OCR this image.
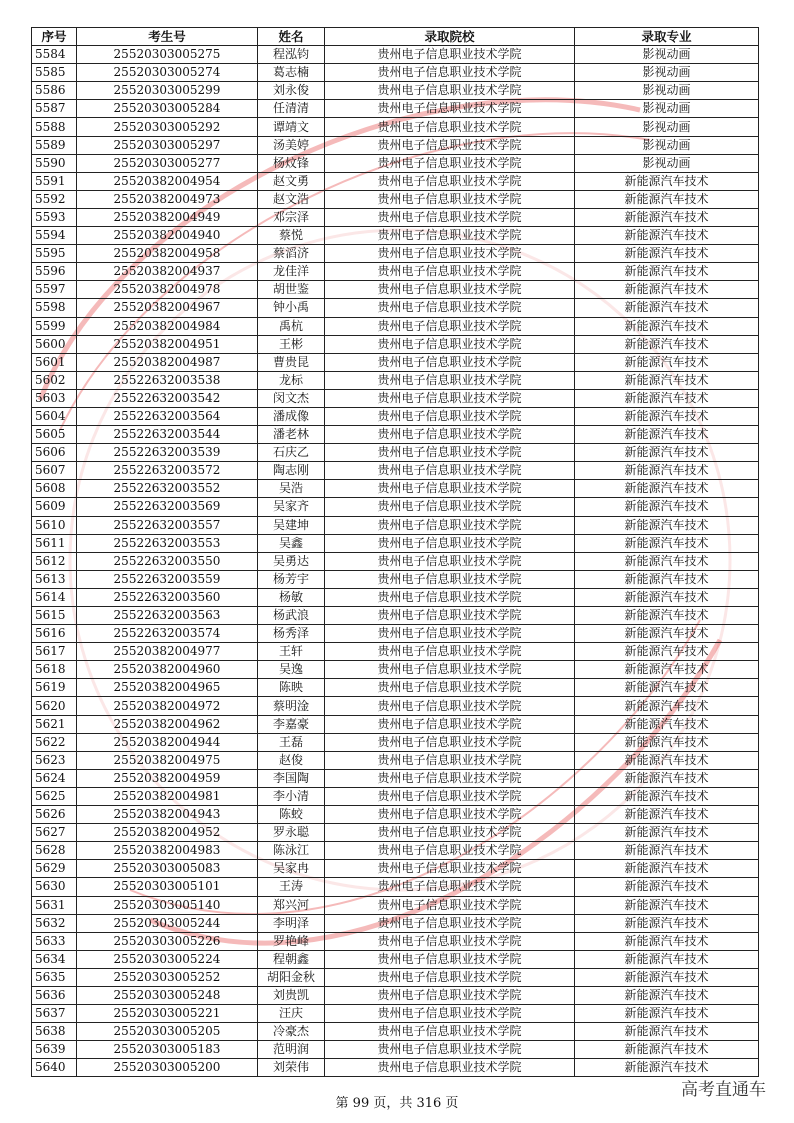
序号	考生号	姓名	录取院校	录取专业
5584	25520303005275	程泓钧	贵州电子信息职业技术学院	影视动画
5585	25520303005274	葛志楠	贵州电子信息职业技术学院	影视动画
5586	25520303005299	刘永俊	贵州电子信息职业技术学院	影视动画
5587	25520303005284	任清清	贵州电子信息职业技术学院	影视动画
5588	25520303005292	谭靖文	贵州电子信息职业技术学院	影视动画
5589	25520303005297	汤美婷	贵州电子信息职业技术学院	影视动画
5590	25520303005277	杨炆锋	贵州电子信息职业技术学院	影视动画
5591	25520382004954	赵文勇	贵州电子信息职业技术学院	新能源汽车技术
5592	25520382004973	赵文浩	贵州电子信息职业技术学院	新能源汽车技术
5593	25520382004949	邓宗泽	贵州电子信息职业技术学院	新能源汽车技术
5594	25520382004940	蔡悦	贵州电子信息职业技术学院	新能源汽车技术
5595	25520382004958	蔡滔济	贵州电子信息职业技术学院	新能源汽车技术
5596	25520382004937	龙佳洋	贵州电子信息职业技术学院	新能源汽车技术
5597	25520382004978	胡世鉴	贵州电子信息职业技术学院	新能源汽车技术
5598	25520382004967	钟小禹	贵州电子信息职业技术学院	新能源汽车技术
5599	25520382004984	禹杭	贵州电子信息职业技术学院	新能源汽车技术
5600	25520382004951	王彬	贵州电子信息职业技术学院	新能源汽车技术
5601	25520382004987	曹贵昆	贵州电子信息职业技术学院	新能源汽车技术
5602	25522632003538	龙标	贵州电子信息职业技术学院	新能源汽车技术
5603	25522632003542	闵文杰	贵州电子信息职业技术学院	新能源汽车技术
5604	25522632003564	潘成像	贵州电子信息职业技术学院	新能源汽车技术
5605	25522632003544	潘老林	贵州电子信息职业技术学院	新能源汽车技术
5606	25522632003539	石庆乙	贵州电子信息职业技术学院	新能源汽车技术
5607	25522632003572	陶志刚	贵州电子信息职业技术学院	新能源汽车技术
5608	25522632003552	吴浩	贵州电子信息职业技术学院	新能源汽车技术
5609	25522632003569	吴家齐	贵州电子信息职业技术学院	新能源汽车技术
5610	25522632003557	吴建坤	贵州电子信息职业技术学院	新能源汽车技术
5611	25522632003553	吴鑫	贵州电子信息职业技术学院	新能源汽车技术
5612	25522632003550	吴勇达	贵州电子信息职业技术学院	新能源汽车技术
5613	25522632003559	杨芳宇	贵州电子信息职业技术学院	新能源汽车技术
5614	25522632003560	杨敏	贵州电子信息职业技术学院	新能源汽车技术
5615	25522632003563	杨武浪	贵州电子信息职业技术学院	新能源汽车技术
5616	25522632003574	杨秀泽	贵州电子信息职业技术学院	新能源汽车技术
5617	25520382004977	王轩	贵州电子信息职业技术学院	新能源汽车技术
5618	25520382004960	吴逸	贵州电子信息职业技术学院	新能源汽车技术
5619	25520382004965	陈映	贵州电子信息职业技术学院	新能源汽车技术
5620	25520382004972	蔡明淦	贵州电子信息职业技术学院	新能源汽车技术
5621	25520382004962	李嘉豪	贵州电子信息职业技术学院	新能源汽车技术
5622	25520382004944	王磊	贵州电子信息职业技术学院	新能源汽车技术
5623	25520382004975	赵俊	贵州电子信息职业技术学院	新能源汽车技术
5624	25520382004959	李国陶	贵州电子信息职业技术学院	新能源汽车技术
5625	25520382004981	李小清	贵州电子信息职业技术学院	新能源汽车技术
5626	25520382004943	陈蛟	贵州电子信息职业技术学院	新能源汽车技术
5627	25520382004952	罗永聪	贵州电子信息职业技术学院	新能源汽车技术
5628	25520382004983	陈泳江	贵州电子信息职业技术学院	新能源汽车技术
5629	25520303005083	吴家冉	贵州电子信息职业技术学院	新能源汽车技术
5630	25520303005101	王涛	贵州电子信息职业技术学院	新能源汽车技术
5631	25520303005140	郑兴河	贵州电子信息职业技术学院	新能源汽车技术
5632	25520303005244	李明泽	贵州电子信息职业技术学院	新能源汽车技术
5633	25520303005226	罗艳峰	贵州电子信息职业技术学院	新能源汽车技术
5634	25520303005224	程朝鑫	贵州电子信息职业技术学院	新能源汽车技术
5635	25520303005252	胡阳金秋	贵州电子信息职业技术学院	新能源汽车技术
5636	25520303005248	刘贵凯	贵州电子信息职业技术学院	新能源汽车技术
5637	25520303005221	汪庆	贵州电子信息职业技术学院	新能源汽车技术
5638	25520303005205	冷豪杰	贵州电子信息职业技术学院	新能源汽车技术
5639	25520303005183	范明润	贵州电子信息职业技术学院	新能源汽车技术
5640	25520303005200	刘荣伟	贵州电子信息职业技术学院	新能源汽车技术
第 99 页，共 316 页
高考直通车
